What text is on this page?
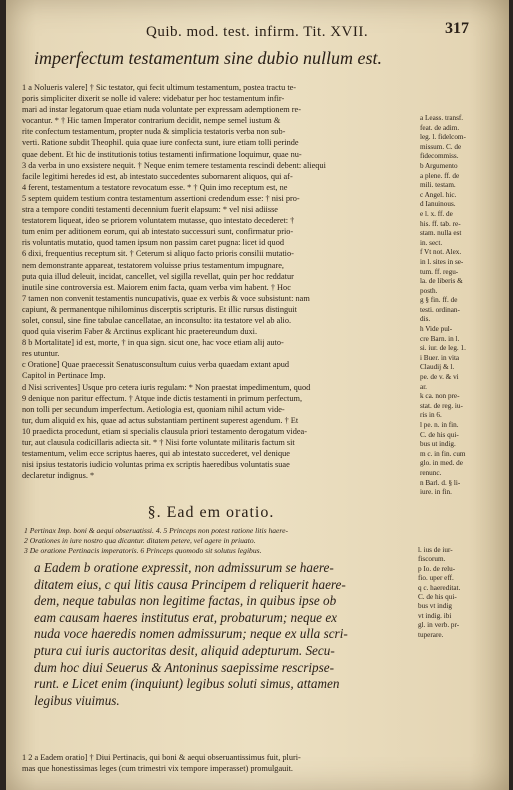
Quib. mod. test. infirm. Tit. XVII.	317
imperfectum testamentum sine dubio nullum est.
1 a Nolueris valere] † Sic testator, qui fecit ultimum testamentum, postea tractu te-
poris simpliciter dixerit se nolle id valere: videbatur per hoc testamentum infir-
mari ad instar legatorum quae etiam nuda voluntate per expressam ademptionem re-
vocantur. * † Hic tamen Imperator contrarium decidit, nempe semel iustum &
rite confectum testamentum, propter nuda & simplicia testatoris verba non sub-
verti. Ratione subdit Theophil. quia quae iure confecta sunt, iure etiam tolli perinde
quae debent. Et hic de institutionis totius testamenti infirmatione loquimur, quae nu-
3 da verba in uno exsistere nequit. † Neque enim temere testamenta rescindi debent: aliequi
facile legitimi heredes id est, ab intestato succedentes subornarent aliquos, qui af-
4 ferent, testamentum a testatore revocatum esse. * † Quin imo receptum est, ne
5 septem quidem testium contra testamentum assertioni credendum esse: † nisi pro-
stra a tempore conditi testamenti decennium fuerit elapsum: * vel nisi adiisse
testatorem liqueat, ideo se priorem voluntatem mutasse, quo intestato decederet: †
tum enim per aditionem eorum, qui ab intestato successuri sunt, confirmatur prio-
ris voluntatis mutatio, quod tamen ipsum non passim caret pugna: licet id quod
6 dixi, frequentius receptum sit. † Ceterum si aliquo facto prioris consilii mutatio-
nem demonstrante appareat, testatorem voluisse prius testamentum impugnare,
puta quia illud deleuit, incidat, cancellet, vel sigilla revellat, quin per hoc reddatur
inutile sine controversia est. Maiorem enim facta, quam verba vim habent. † Hoc
7 tamen non convenit testamentis nuncupativis, quae ex verbis & voce subsistunt: nam
capiunt, & permanentque nihilominus discerptis scripturis. Et illic rursus distinguit
solet, consul, sine fine tabulae cancellatae, an inconsulto: ita testatore vel ab alio.
quod quia viserim Faber & Arctinus explicant hic praetereundum duxi.
8 b Mortalitate] id est, morte, † in qua sign. sicut one, hac voce etiam alij auto-
res utuntur.
c Oratione] Quae praecessit Senatusconsultum cuius verba quaedam extant apud
Capitol in Pertinace Imp.
d Nisi scriventes] Usque pro cetera iuris regulam: * Non praestat impedimentum, quod
9 denique non paritur effectum. † Atque inde dictis testamenti in primum perfectum,
non tolli per secundum imperfectum. Aetiologia est, quoniam nihil actum vide-
tur, dum aliquid ex his, quae ad actus substantiam pertinent superest agendum. † Et
10 praedicta procedunt, etiam si specialis clausula priori testamento derogatum videa-
tur, aut clausula codicillaris adiecta sit. * † Nisi forte voluntate militaris factum sit
testamentum, velim ecce scriptus haeres, qui ab intestato succederet, vel denique
nisi ipsius testatoris iudicio voluntas prima ex scriptis haeredibus voluntatis suae
declaretur indignus. *
a Leass. transf.
feat. de adim.
leg. l. fidelcom-
missum. C. de
fidecommiss.
b Argumento
a plene. ff. de
mili. testam.
c Angel. hic.
d Ianuinous.
e l. x. ff. de
his. ff. tab. re-
stam. nulla est
in. sect.
f Vt not. Alex.
in l. sites in se-
tum. ff. regu-
la. de liberis &
posth.
g § fin. ff. de
testi. ordinan-
dis.
h Vide pul-
cre Barn. in l.
si. iur. de leg. 1.
i Buer. in vita
Claudij & l.
pe. de v. & vi
ar.
k ca. non pre-
stat. de reg. iu-
ris in 6.
l pe. n. in fin.
C. de his qui-
bus ut indig.
m c. in fin. cum
glo. in med. de
renunc.
n Barl. d. § li-
iure. in fin.
§. Ead em oratio.
1 Pertinax Imp. boni & aequi obseruatissi. 4. 5 Princeps non potest ratione litis haere-
2 Orationes in iure nostro qua dicantur. ditatem petere, vel agere in priuato.
3 De oratione Pertinacis imperatoris. 6 Princeps quomodo sit solutus legibus.
a Eadem b oratione expressit, non admissurum se haere-
ditatem eius, c qui litis causa Principem d reliquerit haere-
dem, neque tabulas non legitime factas, in quibus ipse ob
eam causam haeres institutus erat, probaturum; neque ex
nuda voce haeredis nomen admissurum; neque ex ulla scri-
ptura cui iuris auctoritas desit, aliquid adepturum. Secu-
dum hoc diui Seuerus & Antoninus saepissime rescripse-
runt. e Licet enim (inquiunt) legibus soluti simus, attamen
legibus viuimus.
l. ius de iur-
fiscorum.
p Io. de relu-
fio. uper eff.
q c. haereditat.
C. de his qui-
bus vt indig
vt indig. ibi
gl. in verb. pr-
tuperare.
1 2 a Eadem oratio] † Diui Pertinacis, qui boni & aequi obseruantissimus fuit, pluri-
mas que honestissimas leges (cum trimestri vix tempore imperasset) promulgauit.
